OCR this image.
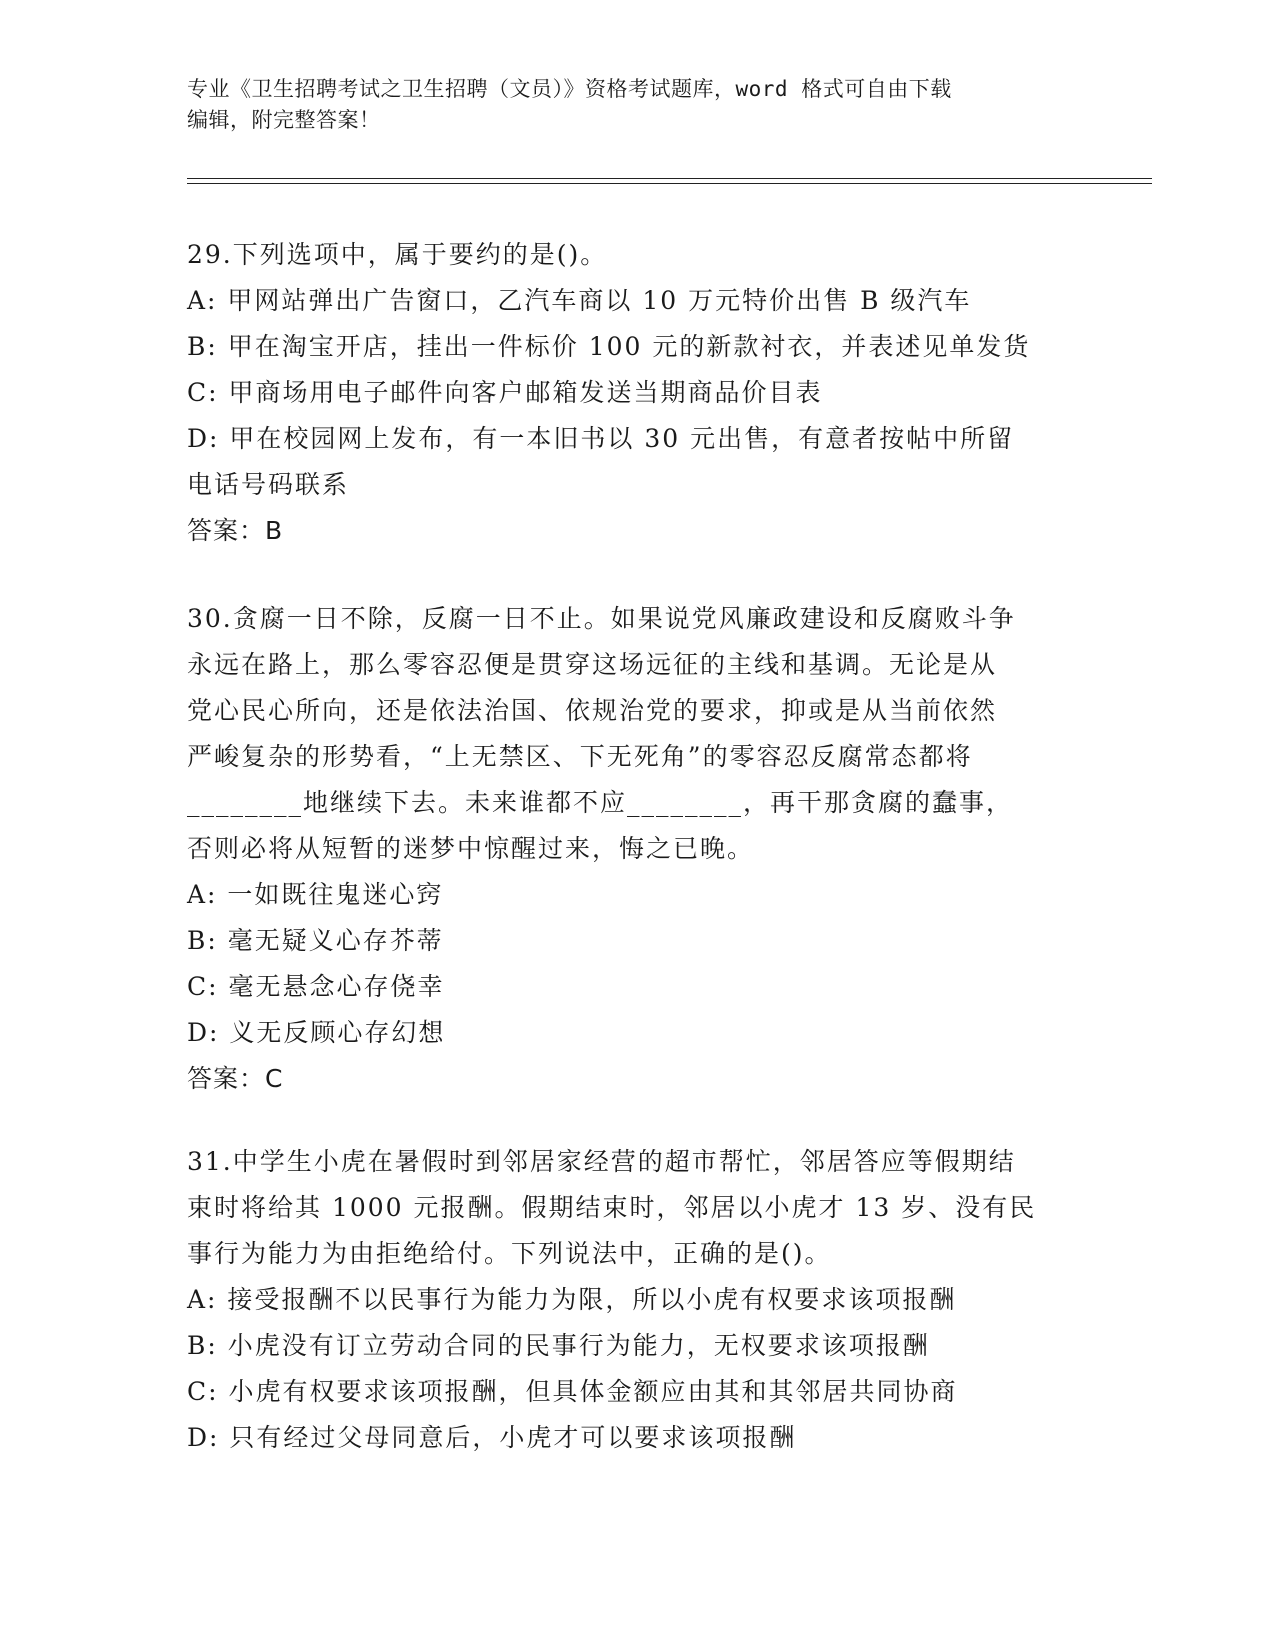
专业《卫生招聘考试之卫生招聘（文员）》资格考试题库，word 格式可自由下载
编辑，附完整答案！

29.下列选项中，属于要约的是()。

A: 甲网站弹出广告窗口，乙汽车商以 10 万元特价出售 B 级汽车

B: 甲在淘宝开店，挂出一件标价 100 元的新款衬衣，并表述见单发货

C: 甲商场用电子邮件向客户邮箱发送当期商品价目表

D: 甲在校园网上发布，有一本旧书以 30 元出售，有意者按帖中所留

电话号码联系

答案：B

30.贪腐一日不除，反腐一日不止。如果说党风廉政建设和反腐败斗争

永远在路上，那么零容忍便是贯穿这场远征的主线和基调。无论是从

党心民心所向，还是依法治国、依规治党的要求，抑或是从当前依然

严峻复杂的形势看，“上无禁区、下无死角”的零容忍反腐常态都将

________地继续下去。未来谁都不应________，再干那贪腐的蠢事，

否则必将从短暂的迷梦中惊醒过来，悔之已晚。

A: 一如既往鬼迷心窍

B: 毫无疑义心存芥蒂

C: 毫无悬念心存侥幸

D: 义无反顾心存幻想

答案：C

31.中学生小虎在暑假时到邻居家经营的超市帮忙，邻居答应等假期结

束时将给其 1000 元报酬。假期结束时，邻居以小虎才 13 岁、没有民

事行为能力为由拒绝给付。下列说法中，正确的是()。

A: 接受报酬不以民事行为能力为限，所以小虎有权要求该项报酬

B: 小虎没有订立劳动合同的民事行为能力，无权要求该项报酬

C: 小虎有权要求该项报酬，但具体金额应由其和其邻居共同协商

D: 只有经过父母同意后，小虎才可以要求该项报酬
